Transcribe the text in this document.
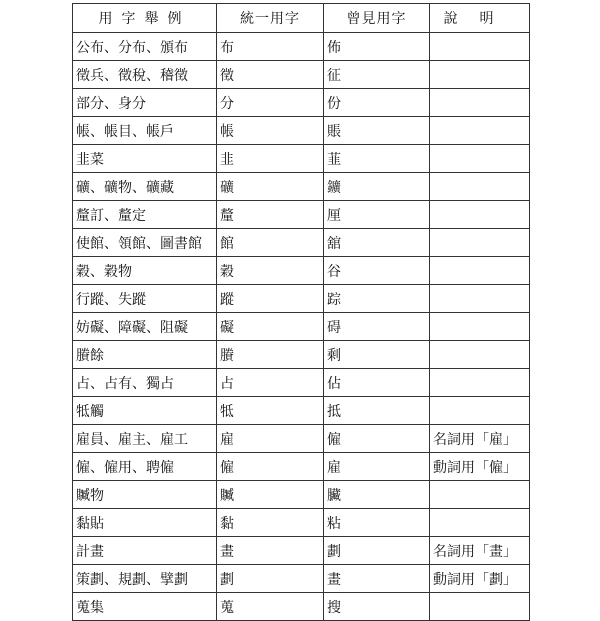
用字舉例	統一用字	曾見用字	說明
公布、分布、頒布	布	佈	
徵兵、徵稅、稽徵	徵	征	
部分、身分	分	份	
帳、帳目、帳戶	帳	賬	
韭菜	韭	韮	
礦、礦物、礦藏	礦	鑛	
釐訂、釐定	釐	厘	
使館、領館、圖書館	館	舘	
穀、穀物	穀	谷	
行蹤、失蹤	蹤	踪	
妨礙、障礙、阻礙	礙	碍	
賸餘	賸	剩	
占、占有、獨占	占	佔	
牴觸	牴	抵	
雇員、雇主、雇工	雇	僱	名詞用「雇」
僱、僱用、聘僱	僱	雇	動詞用「僱」
贓物	贓	臟	
黏貼	黏	粘	
計畫	畫	劃	名詞用「畫」
策劃、規劃、擘劃	劃	畫	動詞用「劃」
蒐集	蒐	搜	
